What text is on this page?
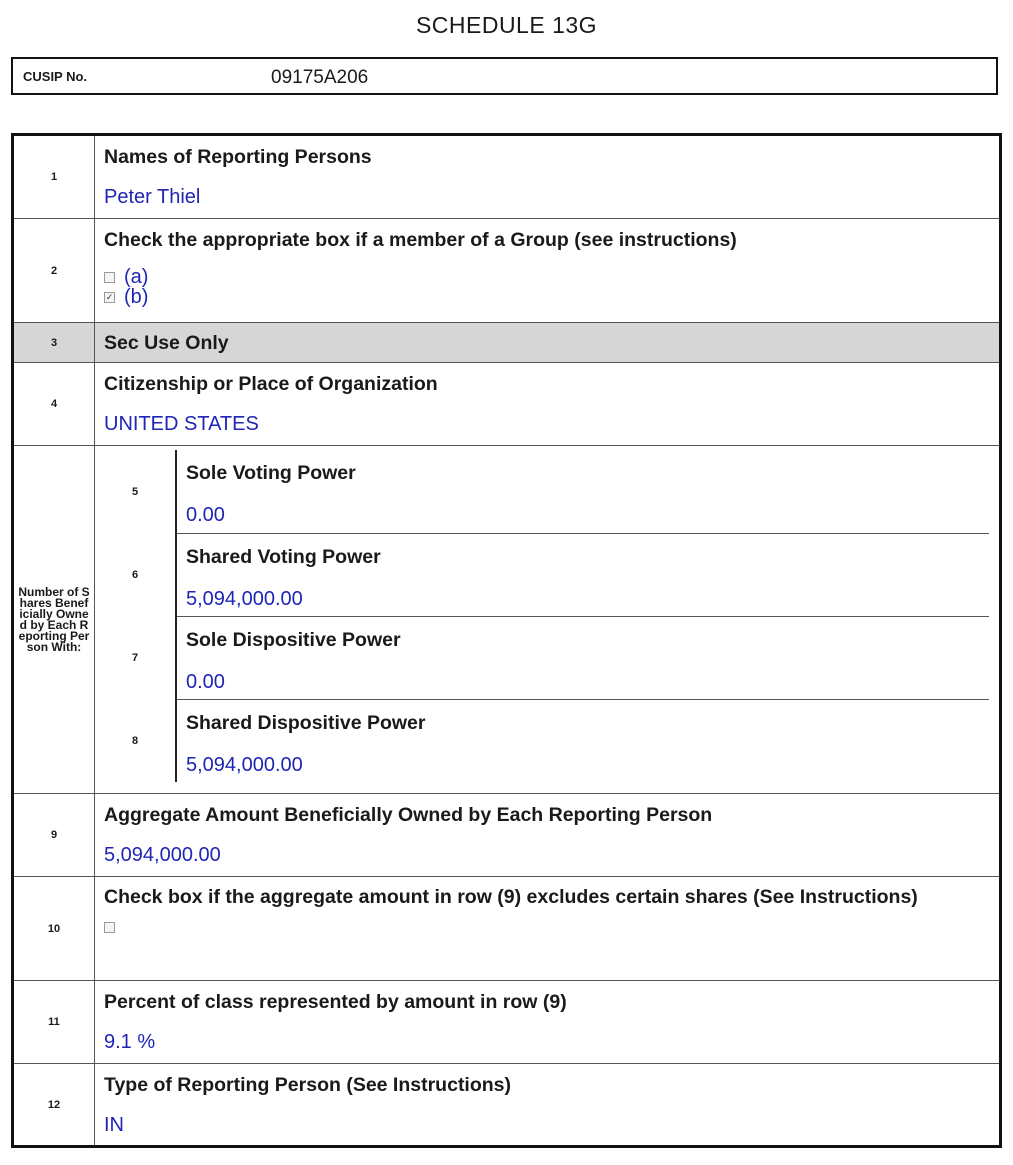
SCHEDULE 13G
CUSIP No.	09175A206
1	
Names of Reporting Persons
Peter Thiel

2	
Check the appropriate box if a member of a Group (see instructions)
(a)
✓ (b)

3	Sec Use Only

4	
Citizenship or Place of Organization
UNITED STATES

Number of Shares Beneficially Owned by Each Reporting Person With:	
5	
Sole Voting Power
0.00

6	
Shared Voting Power
5,094,000.00

7	
Sole Dispositive Power
0.00

8	
Shared Dispositive Power
5,094,000.00

9	
Aggregate Amount Beneficially Owned by Each Reporting Person
5,094,000.00

10	
Check box if the aggregate amount in row (9) excludes certain shares (See Instructions)

11	
Percent of class represented by amount in row (9)
9.1 %

12	
Type of Reporting Person (See Instructions)
IN
